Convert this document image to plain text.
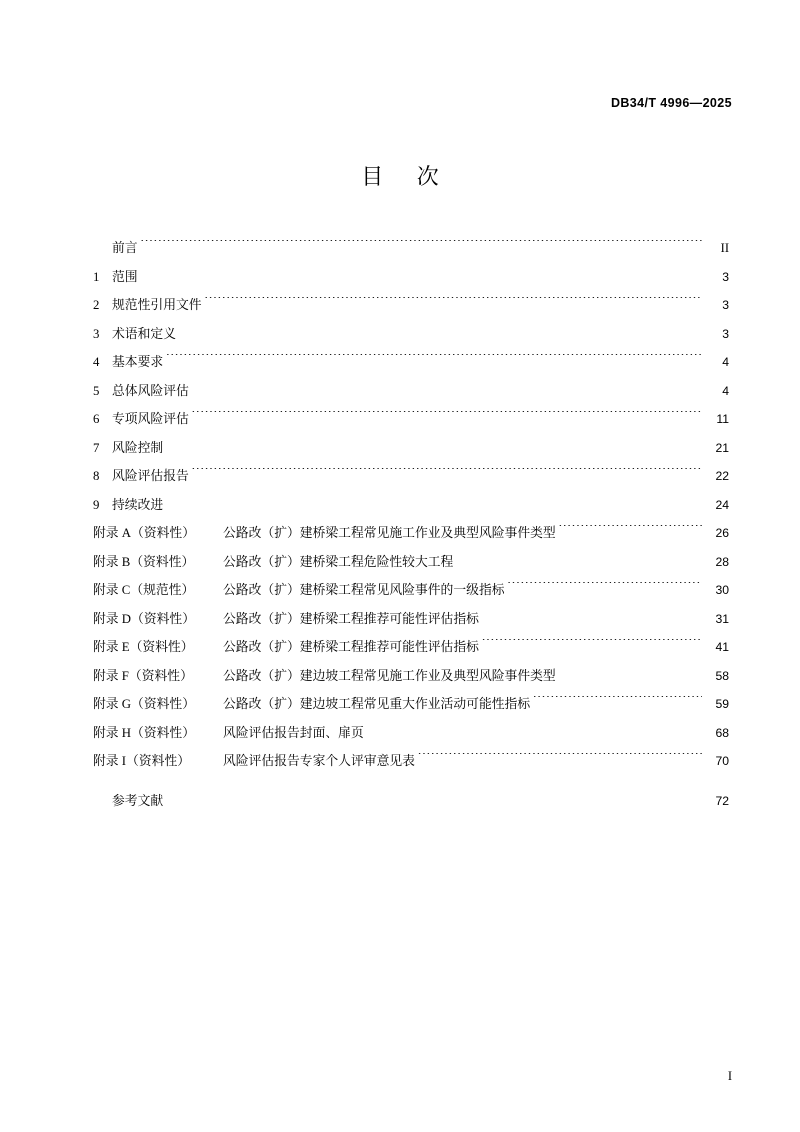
DB34/T 4996—2025
目 次
前言 .....	II
1 范围 .....	3
2 规范性引用文件 .....	3
3 术语和定义 .....	3
4 基本要求 .....	4
5 总体风险评估 .....	4
6 专项风险评估 .....	11
7 风险控制 .....	21
8 风险评估报告 .....	22
9 持续改进 .....	24
附录 A（资料性）	公路改（扩）建桥梁工程常见施工作业及典型风险事件类型 .....	26
附录 B（资料性）	公路改（扩）建桥梁工程危险性较大工程 .....	28
附录 C（规范性）	公路改（扩）建桥梁工程常见风险事件的一级指标 .....	30
附录 D（资料性）	公路改（扩）建桥梁工程推荐可能性评估指标 .....	31
附录 E（资料性）	公路改（扩）建桥梁工程推荐可能性评估指标 .....	41
附录 F（资料性）	公路改（扩）建边坡工程常见施工作业及典型风险事件类型 .....	58
附录 G（资料性）	公路改（扩）建边坡工程常见重大作业活动可能性指标 .....	59
附录 H（资料性）	风险评估报告封面、扉页 .....	68
附录 I（资料性）	风险评估报告专家个人评审意见表 .....	70
参考文献 .....	72
I
